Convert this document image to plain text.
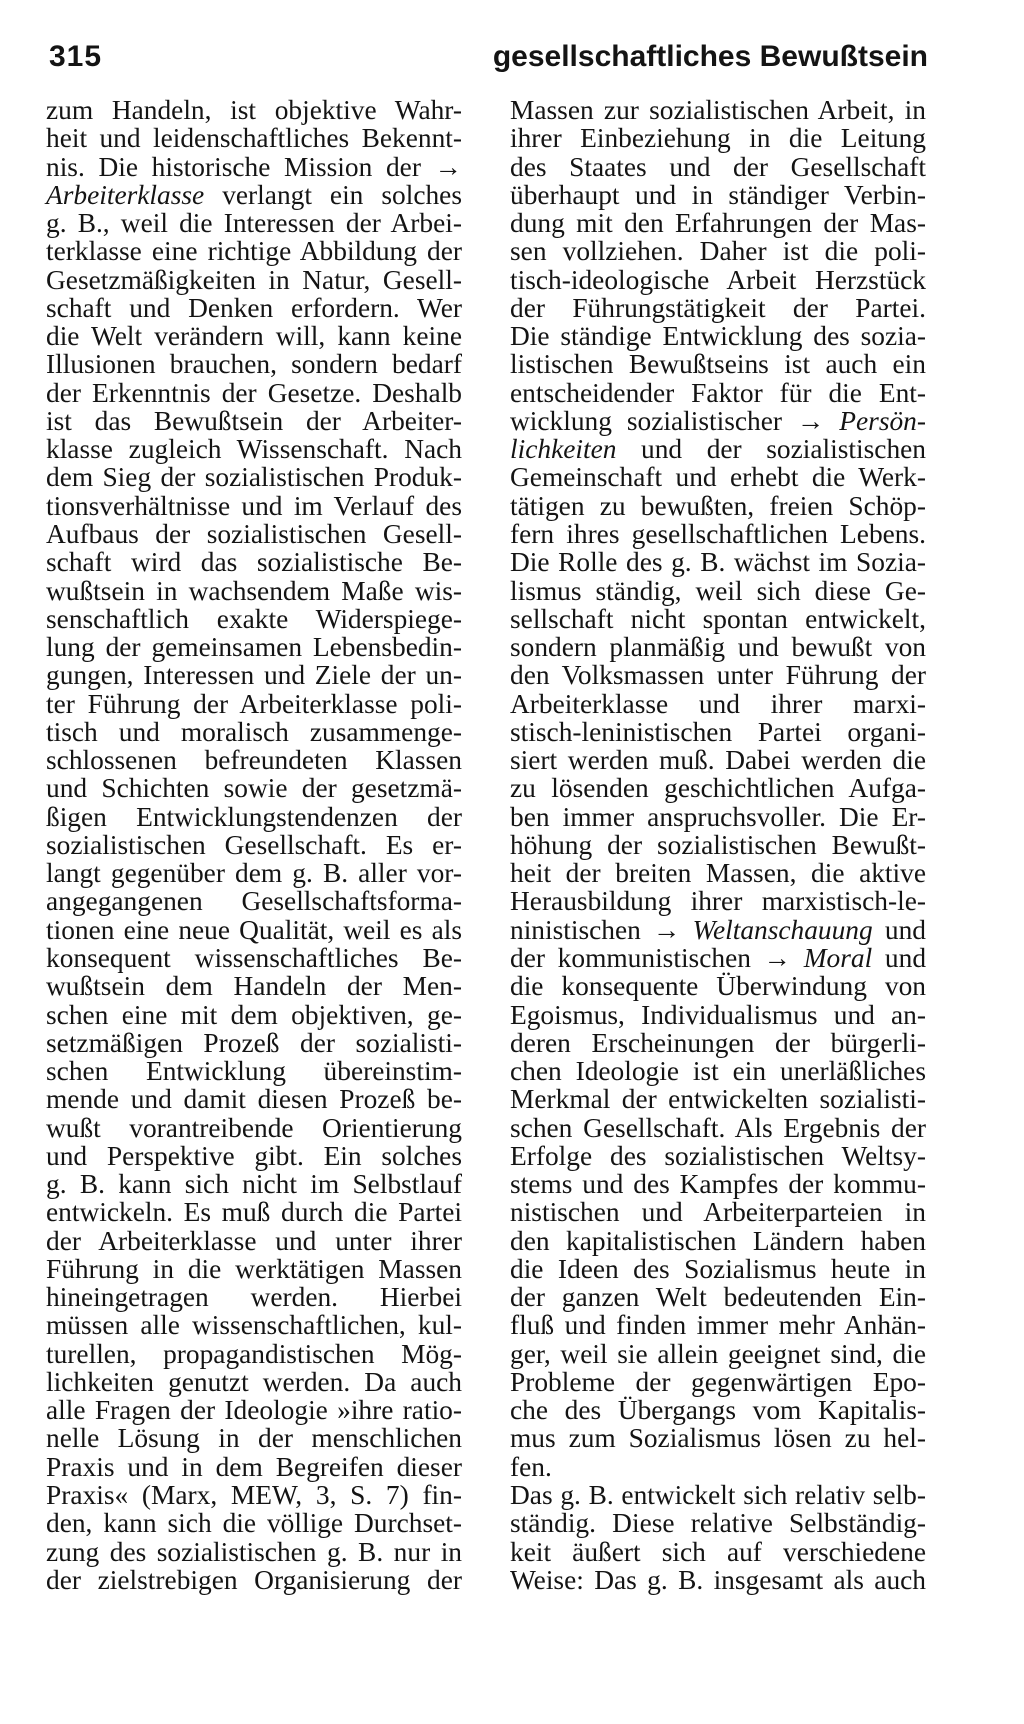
315	gesellschaftliches Bewußtsein
zum Handeln, ist objektive Wahr-
heit und leidenschaftliches Bekennt-
nis. Die historische Mission der →
Arbeiterklasse verlangt ein solches
g. B., weil die Interessen der Arbei-
terklasse eine richtige Abbildung der
Gesetzmäßigkeiten in Natur, Gesell-
schaft und Denken erfordern. Wer
die Welt verändern will, kann keine
Illusionen brauchen, sondern bedarf
der Erkenntnis der Gesetze. Deshalb
ist das Bewußtsein der Arbeiter-
klasse zugleich Wissenschaft. Nach
dem Sieg der sozialistischen Produk-
tionsverhältnisse und im Verlauf des
Aufbaus der sozialistischen Gesell-
schaft wird das sozialistische Be-
wußtsein in wachsendem Maße wis-
senschaftlich exakte Widerspiege-
lung der gemeinsamen Lebensbedin-
gungen, Interessen und Ziele der un-
ter Führung der Arbeiterklasse poli-
tisch und moralisch zusammenge-
schlossenen befreundeten Klassen
und Schichten sowie der gesetzmä-
ßigen Entwicklungstendenzen der
sozialistischen Gesellschaft. Es er-
langt gegenüber dem g. B. aller vor-
angegangenen Gesellschaftsforma-
tionen eine neue Qualität, weil es als
konsequent wissenschaftliches Be-
wußtsein dem Handeln der Men-
schen eine mit dem objektiven, ge-
setzmäßigen Prozeß der sozialisti-
schen Entwicklung übereinstim-
mende und damit diesen Prozeß be-
wußt vorantreibende Orientierung
und Perspektive gibt. Ein solches
g. B. kann sich nicht im Selbstlauf
entwickeln. Es muß durch die Partei
der Arbeiterklasse und unter ihrer
Führung in die werktätigen Massen
hineingetragen werden. Hierbei
müssen alle wissenschaftlichen, kul-
turellen, propagandistischen Mög-
lichkeiten genutzt werden. Da auch
alle Fragen der Ideologie »ihre ratio-
nelle Lösung in der menschlichen
Praxis und in dem Begreifen dieser
Praxis« (Marx, MEW, 3, S. 7) fin-
den, kann sich die völlige Durchset-
zung des sozialistischen g. B. nur in
der zielstrebigen Organisierung der
Massen zur sozialistischen Arbeit, in
ihrer Einbeziehung in die Leitung
des Staates und der Gesellschaft
überhaupt und in ständiger Verbin-
dung mit den Erfahrungen der Mas-
sen vollziehen. Daher ist die poli-
tisch-ideologische Arbeit Herzstück
der Führungstätigkeit der Partei.
Die ständige Entwicklung des sozia-
listischen Bewußtseins ist auch ein
entscheidender Faktor für die Ent-
wicklung sozialistischer → Persön-
lichkeiten und der sozialistischen
Gemeinschaft und erhebt die Werk-
tätigen zu bewußten, freien Schöp-
fern ihres gesellschaftlichen Lebens.
Die Rolle des g. B. wächst im Sozia-
lismus ständig, weil sich diese Ge-
sellschaft nicht spontan entwickelt,
sondern planmäßig und bewußt von
den Volksmassen unter Führung der
Arbeiterklasse und ihrer marxi-
stisch-leninistischen Partei organi-
siert werden muß. Dabei werden die
zu lösenden geschichtlichen Aufga-
ben immer anspruchsvoller. Die Er-
höhung der sozialistischen Bewußt-
heit der breiten Massen, die aktive
Herausbildung ihrer marxistisch-le-
ninistischen → Weltanschauung und
der kommunistischen → Moral und
die konsequente Überwindung von
Egoismus, Individualismus und an-
deren Erscheinungen der bürgerli-
chen Ideologie ist ein unerläßliches
Merkmal der entwickelten sozialisti-
schen Gesellschaft. Als Ergebnis der
Erfolge des sozialistischen Weltsy-
stems und des Kampfes der kommu-
nistischen und Arbeiterparteien in
den kapitalistischen Ländern haben
die Ideen des Sozialismus heute in
der ganzen Welt bedeutenden Ein-
fluß und finden immer mehr Anhän-
ger, weil sie allein geeignet sind, die
Probleme der gegenwärtigen Epo-
che des Übergangs vom Kapitalis-
mus zum Sozialismus lösen zu hel-
fen.
Das g. B. entwickelt sich relativ selb-
ständig. Diese relative Selbständig-
keit äußert sich auf verschiedene
Weise: Das g. B. insgesamt als auch
